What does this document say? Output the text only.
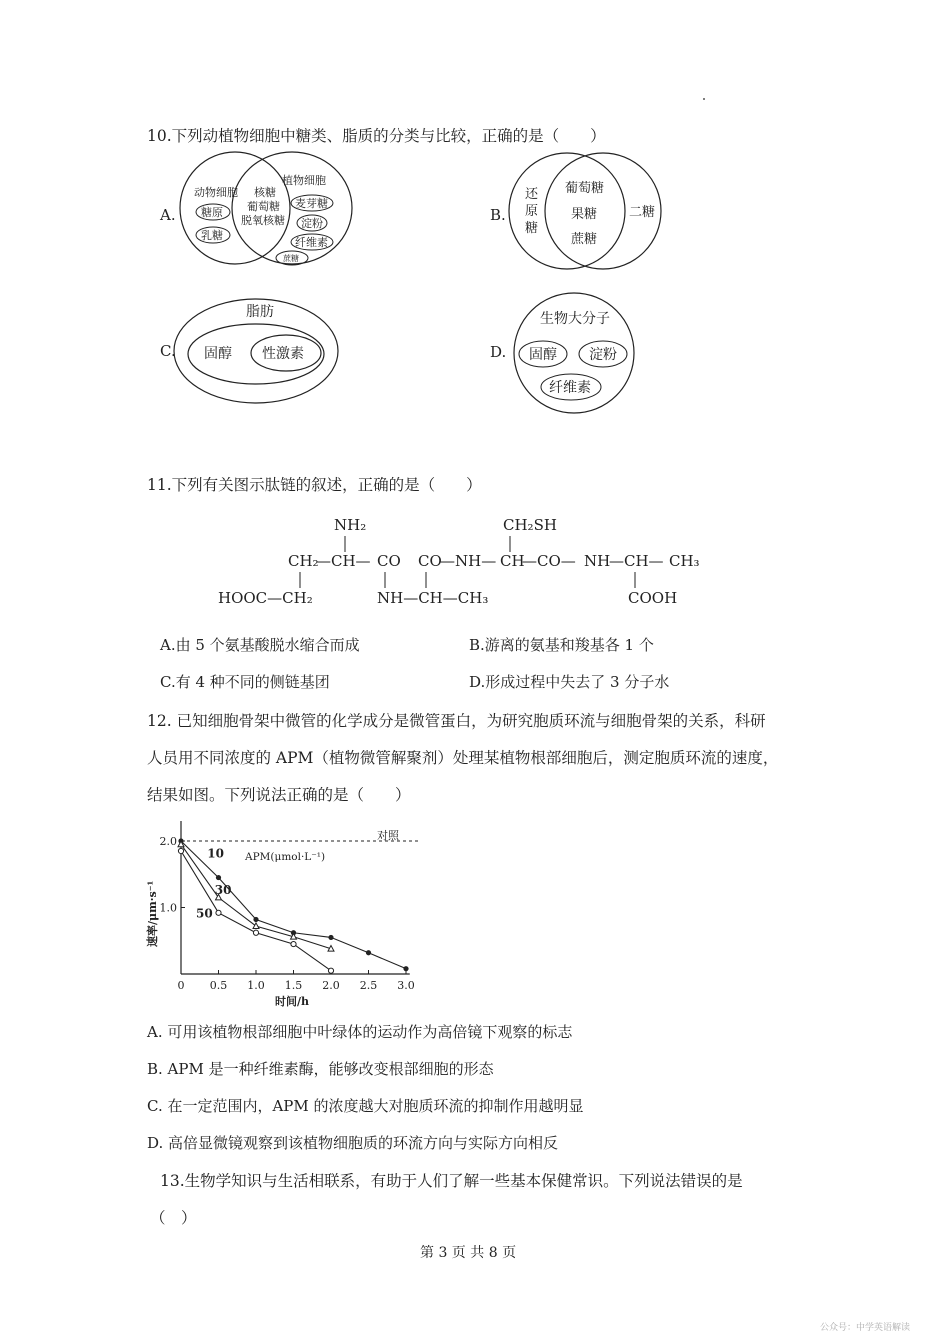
10.下列动植物细胞中糖类、脂质的分类与比较，正确的是（　　）
A.
动物细胞
植物细胞
糖原
乳糖
核糖
葡萄糖
脱氧核糖
麦芽糖
淀粉
纤维素
蔗糖
B.
还
原
糖
葡萄糖
果糖
蔗糖
二糖
C.
脂肪
固醇 性激素	D.
生物大分子
固醇 淀粉
纤维素
11.下列有关图示肽链的叙述，正确的是（　　）
NH₂	CH₂SH
CH₂
—CH— CO CO
—NH— CH
—CO— NH
—CH— CH₃
HOOC—CH₂	NH—CH—CH₃	COOH
A.由 5 个氨基酸脱水缩合而成	B.游离的氨基和羧基各 1 个
C.有 4 种不同的侧链基团	D.形成过程中失去了 3 分子水
12. 已知细胞骨架中微管的化学成分是微管蛋白，为研究胞质环流与细胞骨架的关系，科研
人员用不同浓度的 APM（植物微管解聚剂）处理某植物根部细胞后，测定胞质环流的速度，
结果如图。下列说法正确的是（　　）
速率/μm·s⁻¹
时间/h
对照
APM(μmol·L⁻¹)
0 0.5 1.0 1.5 2.0 2.5 3.0
1.0
2.0
10
30
50
A. 可用该植物根部细胞中叶绿体的运动作为高倍镜下观察的标志
B. APM 是一种纤维素酶，能够改变根部细胞的形态
C. 在一定范围内，APM 的浓度越大对胞质环流的抑制作用越明显
D. 高倍显微镜观察到该植物细胞质的环流方向与实际方向相反
13.生物学知识与生活相联系，有助于人们了解一些基本保健常识。下列说法错误的是
（　）
第 3 页 共 8 页
公众号：中学英语解读
